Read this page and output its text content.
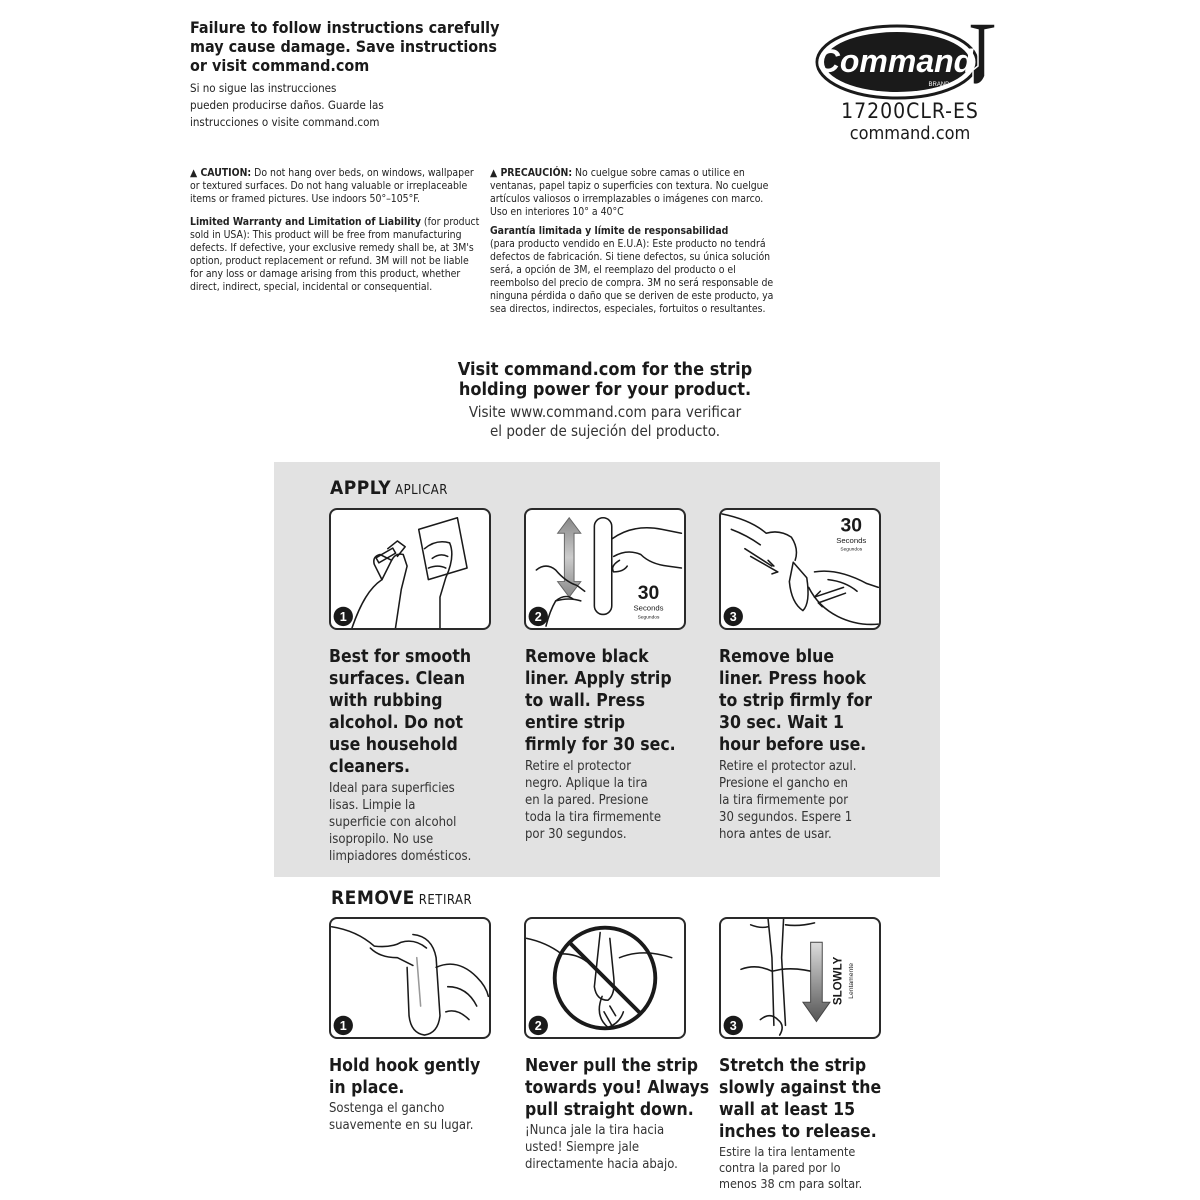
Failure to follow instructions carefully
may cause damage. Save instructions
or visit command.com
Si no sigue las instrucciones
pueden producirse daños. Guarde las
instrucciones o visite command.com
Command
BRAND
17200CLR-ES
command.com

▲ CAUTION: Do not hang over beds, on windows, wallpaper or textured surfaces. Do not hang valuable or irreplaceable items or framed pictures. Use indoors 50°–105°F.

Limited Warranty and Limitation of Liability (for product sold in USA): This product will be free from manufacturing defects. If defective, your exclusive remedy shall be, at 3M's option, product replacement or refund. 3M will not be liable for any loss or damage arising from this product, whether direct, indirect, special, incidental or consequential.

▲ PRECAUCIÓN: No cuelgue sobre camas o utilice en ventanas, papel tapiz o superficies con textura. No cuelgue artículos valiosos o irremplazables o imágenes con marco. Uso en interiores 10° a 40°C

Garantía limitada y límite de responsabilidad
(para producto vendido en E.U.A): Este producto no tendrá defectos de fabricación. Si tiene defectos, su única solución será, a opción de 3M, el reemplazo del producto o el reembolso del precio de compra. 3M no será responsable de ninguna pérdida o daño que se deriven de este producto, ya sea directos, indirectos, especiales, fortuitos o resultantes.

Visit command.com for the strip
holding power for your product.
Visite www.command.com para verificar
el poder de sujeción del producto.
APPLY APLICAR
1
Best for smooth
surfaces. Clean
with rubbing
alcohol. Do not
use household
cleaners.
Ideal para superficies
lisas. Limpie la
superficie con alcohol
isopropilo. No use
limpiadores domésticos.
30
Seconds
Segundos
2
Remove black
liner. Apply strip
to wall. Press
entire strip
firmly for 30 sec.
Retire el protector
negro. Aplique la tira
en la pared. Presione
toda la tira firmemente
por 30 segundos.
30
Seconds
Segundos
3
Remove blue
liner. Press hook
to strip firmly for
30 sec. Wait 1
hour before use.
Retire el protector azul.
Presione el gancho en
la tira firmemente por
30 segundos. Espere 1
hora antes de usar.
REMOVE RETIRAR
1
Hold hook gently
in place.
Sostenga el gancho
suavemente en su lugar.
2
Never pull the strip
towards you! Always
pull straight down.
¡Nunca jale la tira hacia
usted! Siempre jale
directamente hacia abajo.
SLOWLY Lentamente
3
Stretch the strip
slowly against the
wall at least 15
inches to release.
Estire la tira lentamente
contra la pared por lo
menos 38 cm para soltar.
